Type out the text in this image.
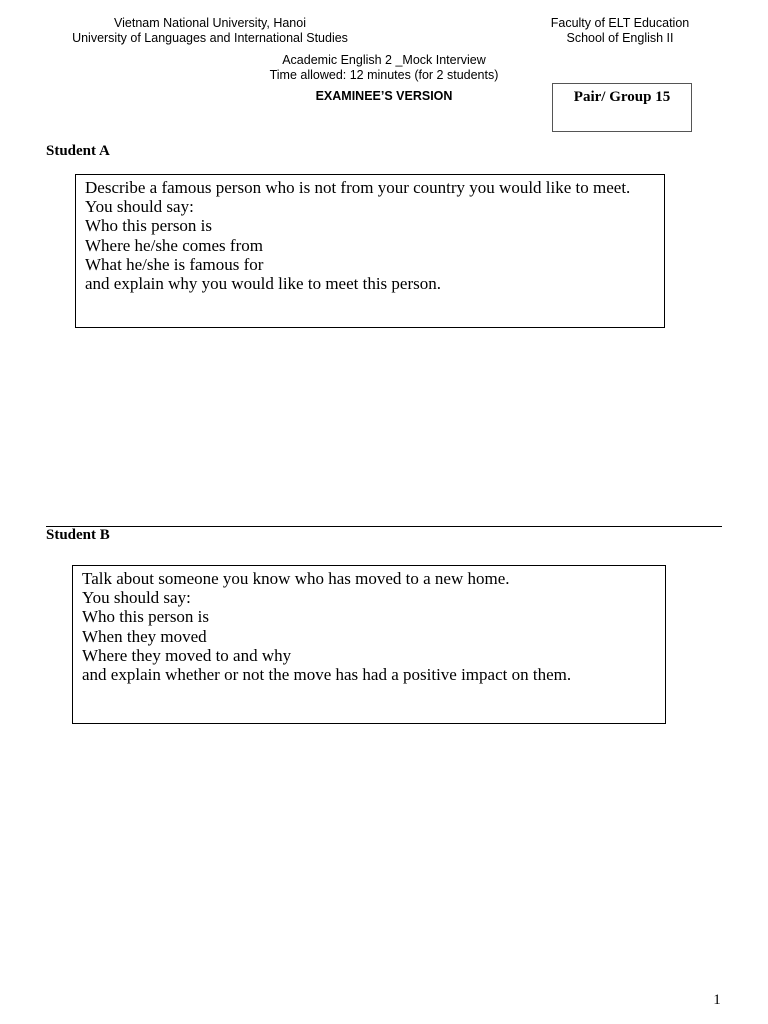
Vietnam National University, Hanoi
University of Languages and International Studies
Faculty of ELT Education
School of English II
Academic English 2 _Mock Interview
Time allowed: 12 minutes (for 2 students)
EXAMINEE’S VERSION	Pair/ Group 15
Student A
Describe a famous person who is not from your country you would like to meet.
You should say:
Who this person is
Where he/she comes from
What he/she is famous for
and explain why you would like to meet this person.
Student B
Talk about someone you know who has moved to a new home.
You should say:
Who this person is
When they moved
Where they moved to and why
and explain whether or not the move has had a positive impact on them.
1
